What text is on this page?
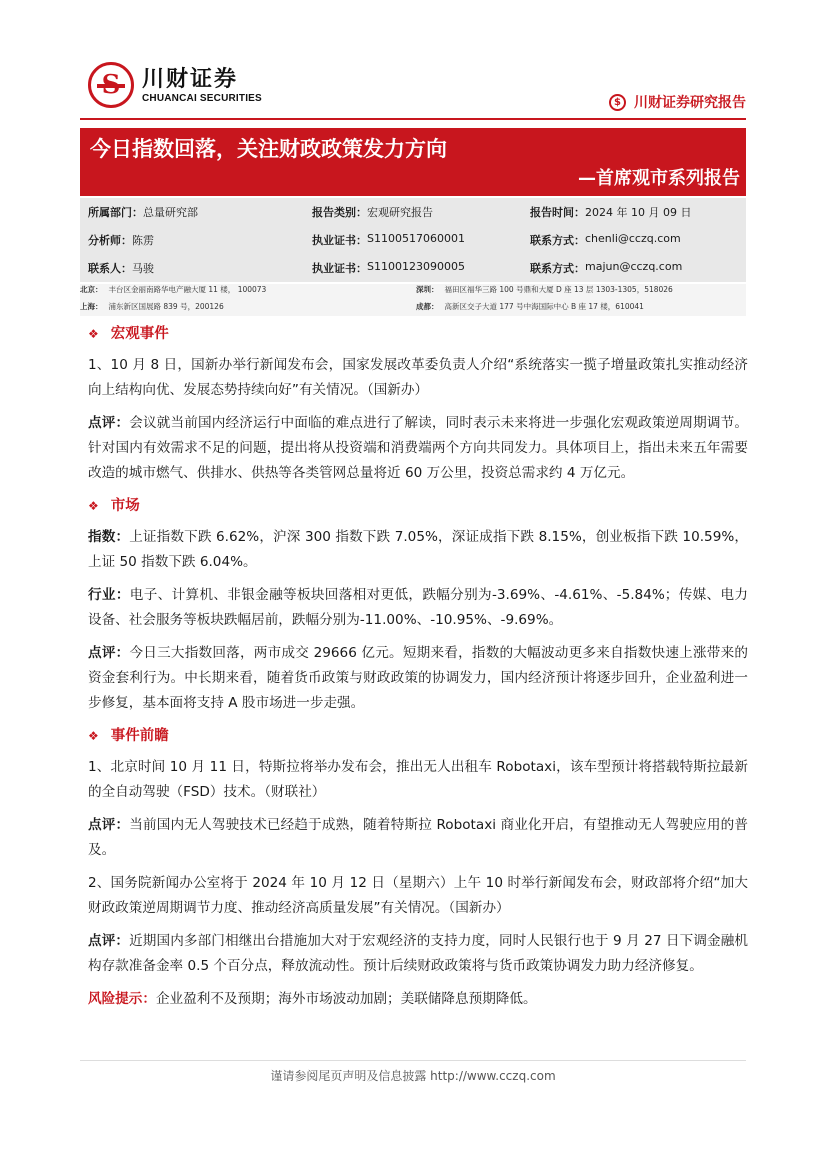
川财证券
CHUANCAI SECURITIES	$ 川财证券研究报告
今日指数回落，关注财政政策发力方向
—首席观市系列报告
所属部门： 总量研究部	报告类别： 宏观研究报告	报告时间： 2024 年 10 月 09 日
分析师： 陈雳	执业证书： S1100517060001	联系方式： chenli@cczq.com
联系人： 马骏	执业证书： S1100123090005	联系方式： majun@cczq.com
北京： 丰台区金丽南路华电产融大厦 11 楼， 100073	深圳： 福田区福华三路 100 号鼎和大厦 D 座 13 层 1303-1305，518026
上海： 浦东新区国展路 839 号，200126	成都： 高新区交子大道 177 号中海国际中心 B 座 17 楼，610041
❖ 宏观事件

1、10 月 8 日，国新办举行新闻发布会，国家发展改革委负责人介绍“系统落实一揽子增量政策扎实推动经济向上结构向优、发展态势持续向好”有关情况。（国新办）

点评：会议就当前国内经济运行中面临的难点进行了解读，同时表示未来将进一步强化宏观政策逆周期调节。针对国内有效需求不足的问题，提出将从投资端和消费端两个方向共同发力。具体项目上，指出未来五年需要改造的城市燃气、供排水、供热等各类管网总量将近 60 万公里，投资总需求约 4 万亿元。

❖ 市场

指数：上证指数下跌 6.62%，沪深 300 指数下跌 7.05%，深证成指下跌 8.15%，创业板指下跌 10.59%，上证 50 指数下跌 6.04%。

行业：电子、计算机、非银金融等板块回落相对更低，跌幅分别为-3.69%、-4.61%、-5.84%；传媒、电力设备、社会服务等板块跌幅居前，跌幅分别为-11.00%、-10.95%、-9.69%。

点评：今日三大指数回落，两市成交 29666 亿元。短期来看，指数的大幅波动更多来自指数快速上涨带来的资金套利行为。中长期来看，随着货币政策与财政政策的协调发力，国内经济预计将逐步回升，企业盈利进一步修复，基本面将支持 A 股市场进一步走强。

❖ 事件前瞻

1、北京时间 10 月 11 日，特斯拉将举办发布会，推出无人出租车 Robotaxi，该车型预计将搭载特斯拉最新的全自动驾驶（FSD）技术。（财联社）

点评：当前国内无人驾驶技术已经趋于成熟，随着特斯拉 Robotaxi 商业化开启，有望推动无人驾驶应用的普及。

2、国务院新闻办公室将于 2024 年 10 月 12 日（星期六）上午 10 时举行新闻发布会，财政部将介绍“加大财政政策逆周期调节力度、推动经济高质量发展”有关情况。（国新办）

点评：近期国内多部门相继出台措施加大对于宏观经济的支持力度，同时人民银行也于 9 月 27 日下调金融机构存款准备金率 0.5 个百分点，释放流动性。预计后续财政政策将与货币政策协调发力助力经济修复。

风险提示：企业盈利不及预期；海外市场波动加剧；美联储降息预期降低。

谨请参阅尾页声明及信息披露 http://www.cczq.com
